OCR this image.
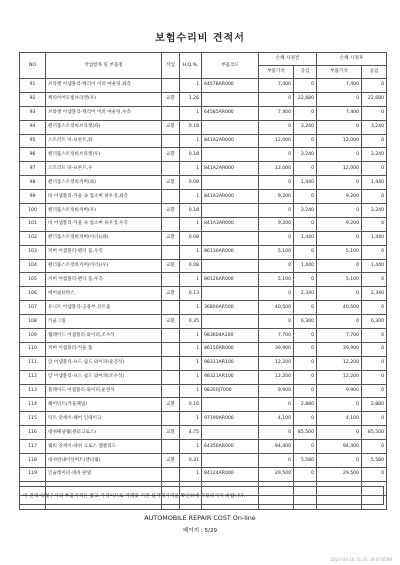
보험수리비 견적서
NO	작업항목 및 부품명	작업	H,Q,%,	부품코드	손해 사정전		손해 사정후	
					부품가격	공임	부품가격	공임
91	브라켓 어셈블리-캐리어 어퍼 마운팅,좌측		1	64578AR000	7,400	0	7,400	0
92	캐리어어모빌브라켓(우)	교환	1.26		0	22,680	0	22,680
93	브라켓 어셈블리-캐리어 어퍼 마운팅,우측		1	64585AR000	7,400	0	7,400	0
94	펜더품스트럿바브라켓(좌)	교환	0.18		0	3,240	0	3,240
95	스트러트 바-프론트,좌		1	841A2AR000	12,000	0	12,000	0
96	펜더품스트럿바브라켓(우)	교환	0.18		0	3,240	0	3,240
97	스트러트 바-프론트,우		1	841A2AR000	12,000	0	12,000	0
98	펜더품스트럿바커버(좌)	교환	0.08		0	1,440	0	1,440
99	바 어셈블리-카울 속 업소버 하우징,좌측		1	841A3AR000	9,200	0	9,200	0
100	펜더품스트럿바커버(우)	교환	0.18		0	3,240	0	3,240
101	바 어셈블리-카울 속 업소버 하우징,우측		1	841A3AR000	9,200	0	9,200	0
102	펜더품스트럿바커버(이너)(좌)	교환	0.08		0	1,440	0	1,440
103	커버 어셈블리-펜더 품,우측		1	86130AR000	5,100	0	5,100	0
104	펜더품스트럿바커버(이너)(우)	교환	0.08		0	1,440	0	1,440
105	커버 어셈블리-펜더 품,우측		1	86126AR000	5,100	0	5,100	0
106	에어필터박스	교환	0.13		0	2,340	0	2,340
107	유니트 어셈블리-공용부 큰트롤		1	36800AR500	40,500	0	40,500	0
108	카울그릴	교환	0.35		0	6,300	0	6,300
109	웰레이드 어셈블리-와이퍼,조수석		1	983604A100	7,700	0	7,700	0
110	커버 어셈블리-카울 톱		1	86150AR000	39,900	0	39,900	0
111	암 어셈블리-프드 쉴드 와이퍼(운전석)		1	98311AR100	12,200	0	12,200	0
112	암 어셈블리-프드 쉴드 와이퍼(조수석)		1	98321AR100	12,200	0	12,200	0
113	블레이드 어셈블리-와이퍼,운전석		1	98350J7000	9,900	0	9,900	0
114	헤어덕트(카울패널)	교환	0.16		0	2,880	0	2,880
115	덕트 앗세이-헤어 인테이크		1	97190AR000	4,100	0	4,100	0
116	대쉬패널웰(센터크로스)	교환	4.75		0	85,500	0	85,500
117	웰비 앗세이-대쉬 크로스 멤클리드		1	64350AR000	94,400	0	94,400	0
118	대쉬판내이선버트(센터웰)	교환	0.31		0	5,580	0	5,580
119	인슐레이터-대쉬 판넬		1	84124AR000	29,500	0	29,500	0

이 견적서/청구서의 부품가격은 참고 가격이므로 거래및 기관 실거래가격을 확인하에 사용하시기 바랍니다.
AUTOMOBILE REPAIR COST On-line
페이지 : 5/29
2023-03-16 11:31:39 876598
